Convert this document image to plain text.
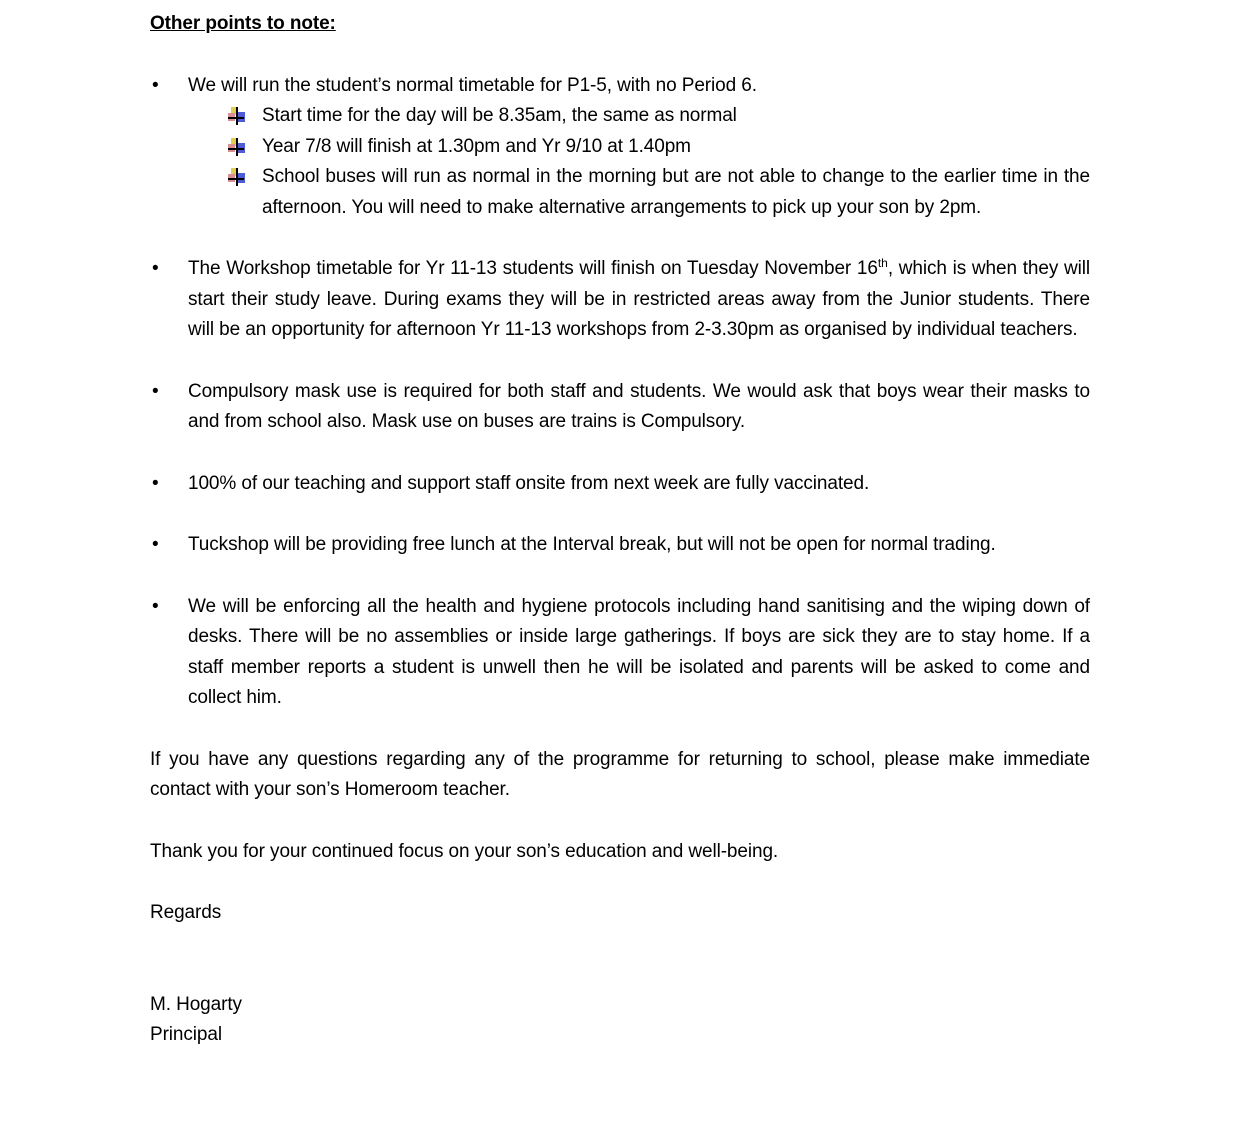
Other points to note:

• We will run the student’s normal timetable for P1-5, with no Period 6.

Start time for the day will be 8.35am, the same as normal

Year 7/8 will finish at 1.30pm and Yr 9/10 at 1.40pm

School buses will run as normal in the morning but are not able to change to the earlier time in the afternoon. You will need to make alternative arrangements to pick up your son by 2pm.

• The Workshop timetable for Yr 11-13 students will finish on Tuesday November 16th, which is when they will start their study leave. During exams they will be in restricted areas away from the Junior students. There will be an opportunity for afternoon Yr 11-13 workshops from 2-3.30pm as organised by individual teachers.

• Compulsory mask use is required for both staff and students. We would ask that boys wear their masks to and from school also. Mask use on buses are trains is Compulsory.

• 100% of our teaching and support staff onsite from next week are fully vaccinated.

• Tuckshop will be providing free lunch at the Interval break, but will not be open for normal trading.

• We will be enforcing all the health and hygiene protocols including hand sanitising and the wiping down of desks. There will be no assemblies or inside large gatherings. If boys are sick they are to stay home. If a staff member reports a student is unwell then he will be isolated and parents will be asked to come and collect him.

If you have any questions regarding any of the programme for returning to school, please make immediate contact with your son’s Homeroom teacher.

Thank you for your continued focus on your son’s education and well-being.

Regards

M. Hogarty

Principal
